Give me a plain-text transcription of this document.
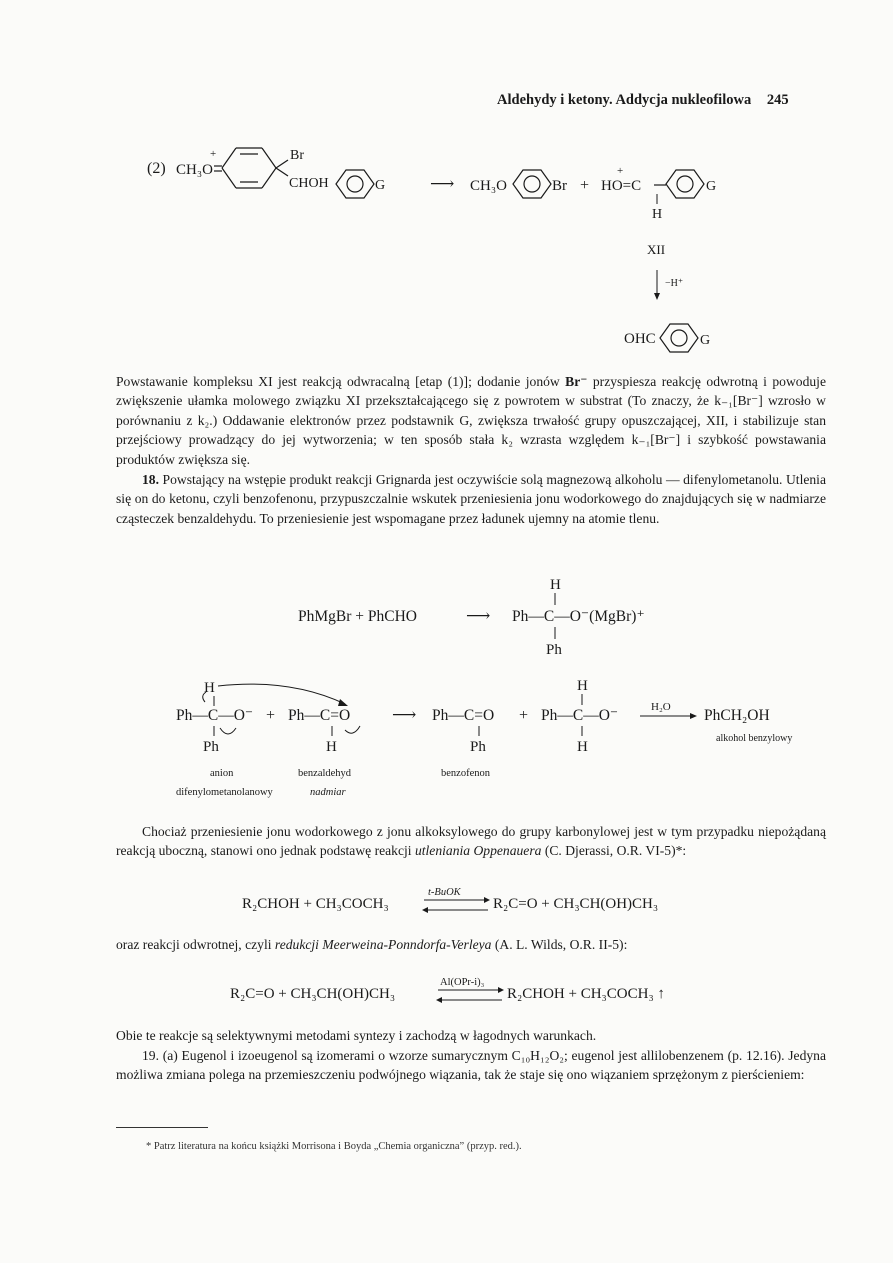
Aldehydy i ketony. Addycja nukleofilowa 245
(2) CH₃O
+	Br
CHOH	G	⟶ CH₃O	Br + HO=C
+
G
H
XII
−H⁺
OHC	G

Powstawanie kompleksu XI jest reakcją odwracalną [etap (1)]; dodanie jonów Br⁻ przyspiesza reakcję odwrotną i powoduje zwiększenie ułamka molowego związku XI przekształcającego się z powrotem w substrat (To znaczy, że k₋₁[Br⁻] wzrosło w porównaniu z k₂.) Oddawanie elektronów przez podstawnik G, zwiększa trwałość grupy opuszczającej, XII, i stabilizuje stan przejściowy prowadzący do jej wytworzenia; w ten sposób stała k₂ wzrasta względem k₋₁[Br⁻] i szybkość powstawania produktów zwiększa się.

18. Powstający na wstępie produkt reakcji Grignarda jest oczywiście solą magnezową alkoholu — difenylometanolu. Utlenia się on do ketonu, czyli benzofenonu, przypuszczalnie wskutek przeniesienia jonu wodorkowego do znajdujących się w nadmiarze cząsteczek benzaldehydu. To przeniesienie jest wspomagane przez ładunek ujemny na atomie tlenu.

PhMgBr + PhCHO	⟶
H
Ph—C—O⁻(MgBr)⁺
Ph
H
Ph—C—O⁻ + Ph—C=O
Ph	H
⟶ Ph—C=O
Ph
+
H
Ph—C—O⁻
H
H₂O PhCH₂OH
alkohol benzylowy
anion
difenylometanolanowy
benzaldehyd
nadmiar
benzofenon

Chociaż przeniesienie jonu wodorkowego z jonu alkoksylowego do grupy karbonylowej jest w tym przypadku niepożądaną reakcją uboczną, stanowi ono jednak podstawę reakcji utleniania Oppenauera (C. Djerassi, O.R. VI-5)*:

R₂CHOH + CH₃COCH₃
t-BuOK
R₂C=O + CH₃CH(OH)CH₃

oraz reakcji odwrotnej, czyli redukcji Meerweina-Ponndorfa-Verleya (A. L. Wilds, O.R. II-5):

R₂C=O + CH₃CH(OH)CH₃
Al(OPr-i)₃
R₂CHOH + CH₃COCH₃ ↑

Obie te reakcje są selektywnymi metodami syntezy i zachodzą w łagodnych warunkach.

19. (a) Eugenol i izoeugenol są izomerami o wzorze sumarycznym C₁₀H₁₂O₂; eugenol jest allilobenzenem (p. 12.16). Jedyna możliwa zmiana polega na przemieszczeniu podwójnego wiązania, tak że staje się ono wiązaniem sprzężonym z pierścieniem:

* Patrz literatura na końcu książki Morrisona i Boyda „Chemia organiczna” (przyp. red.).
